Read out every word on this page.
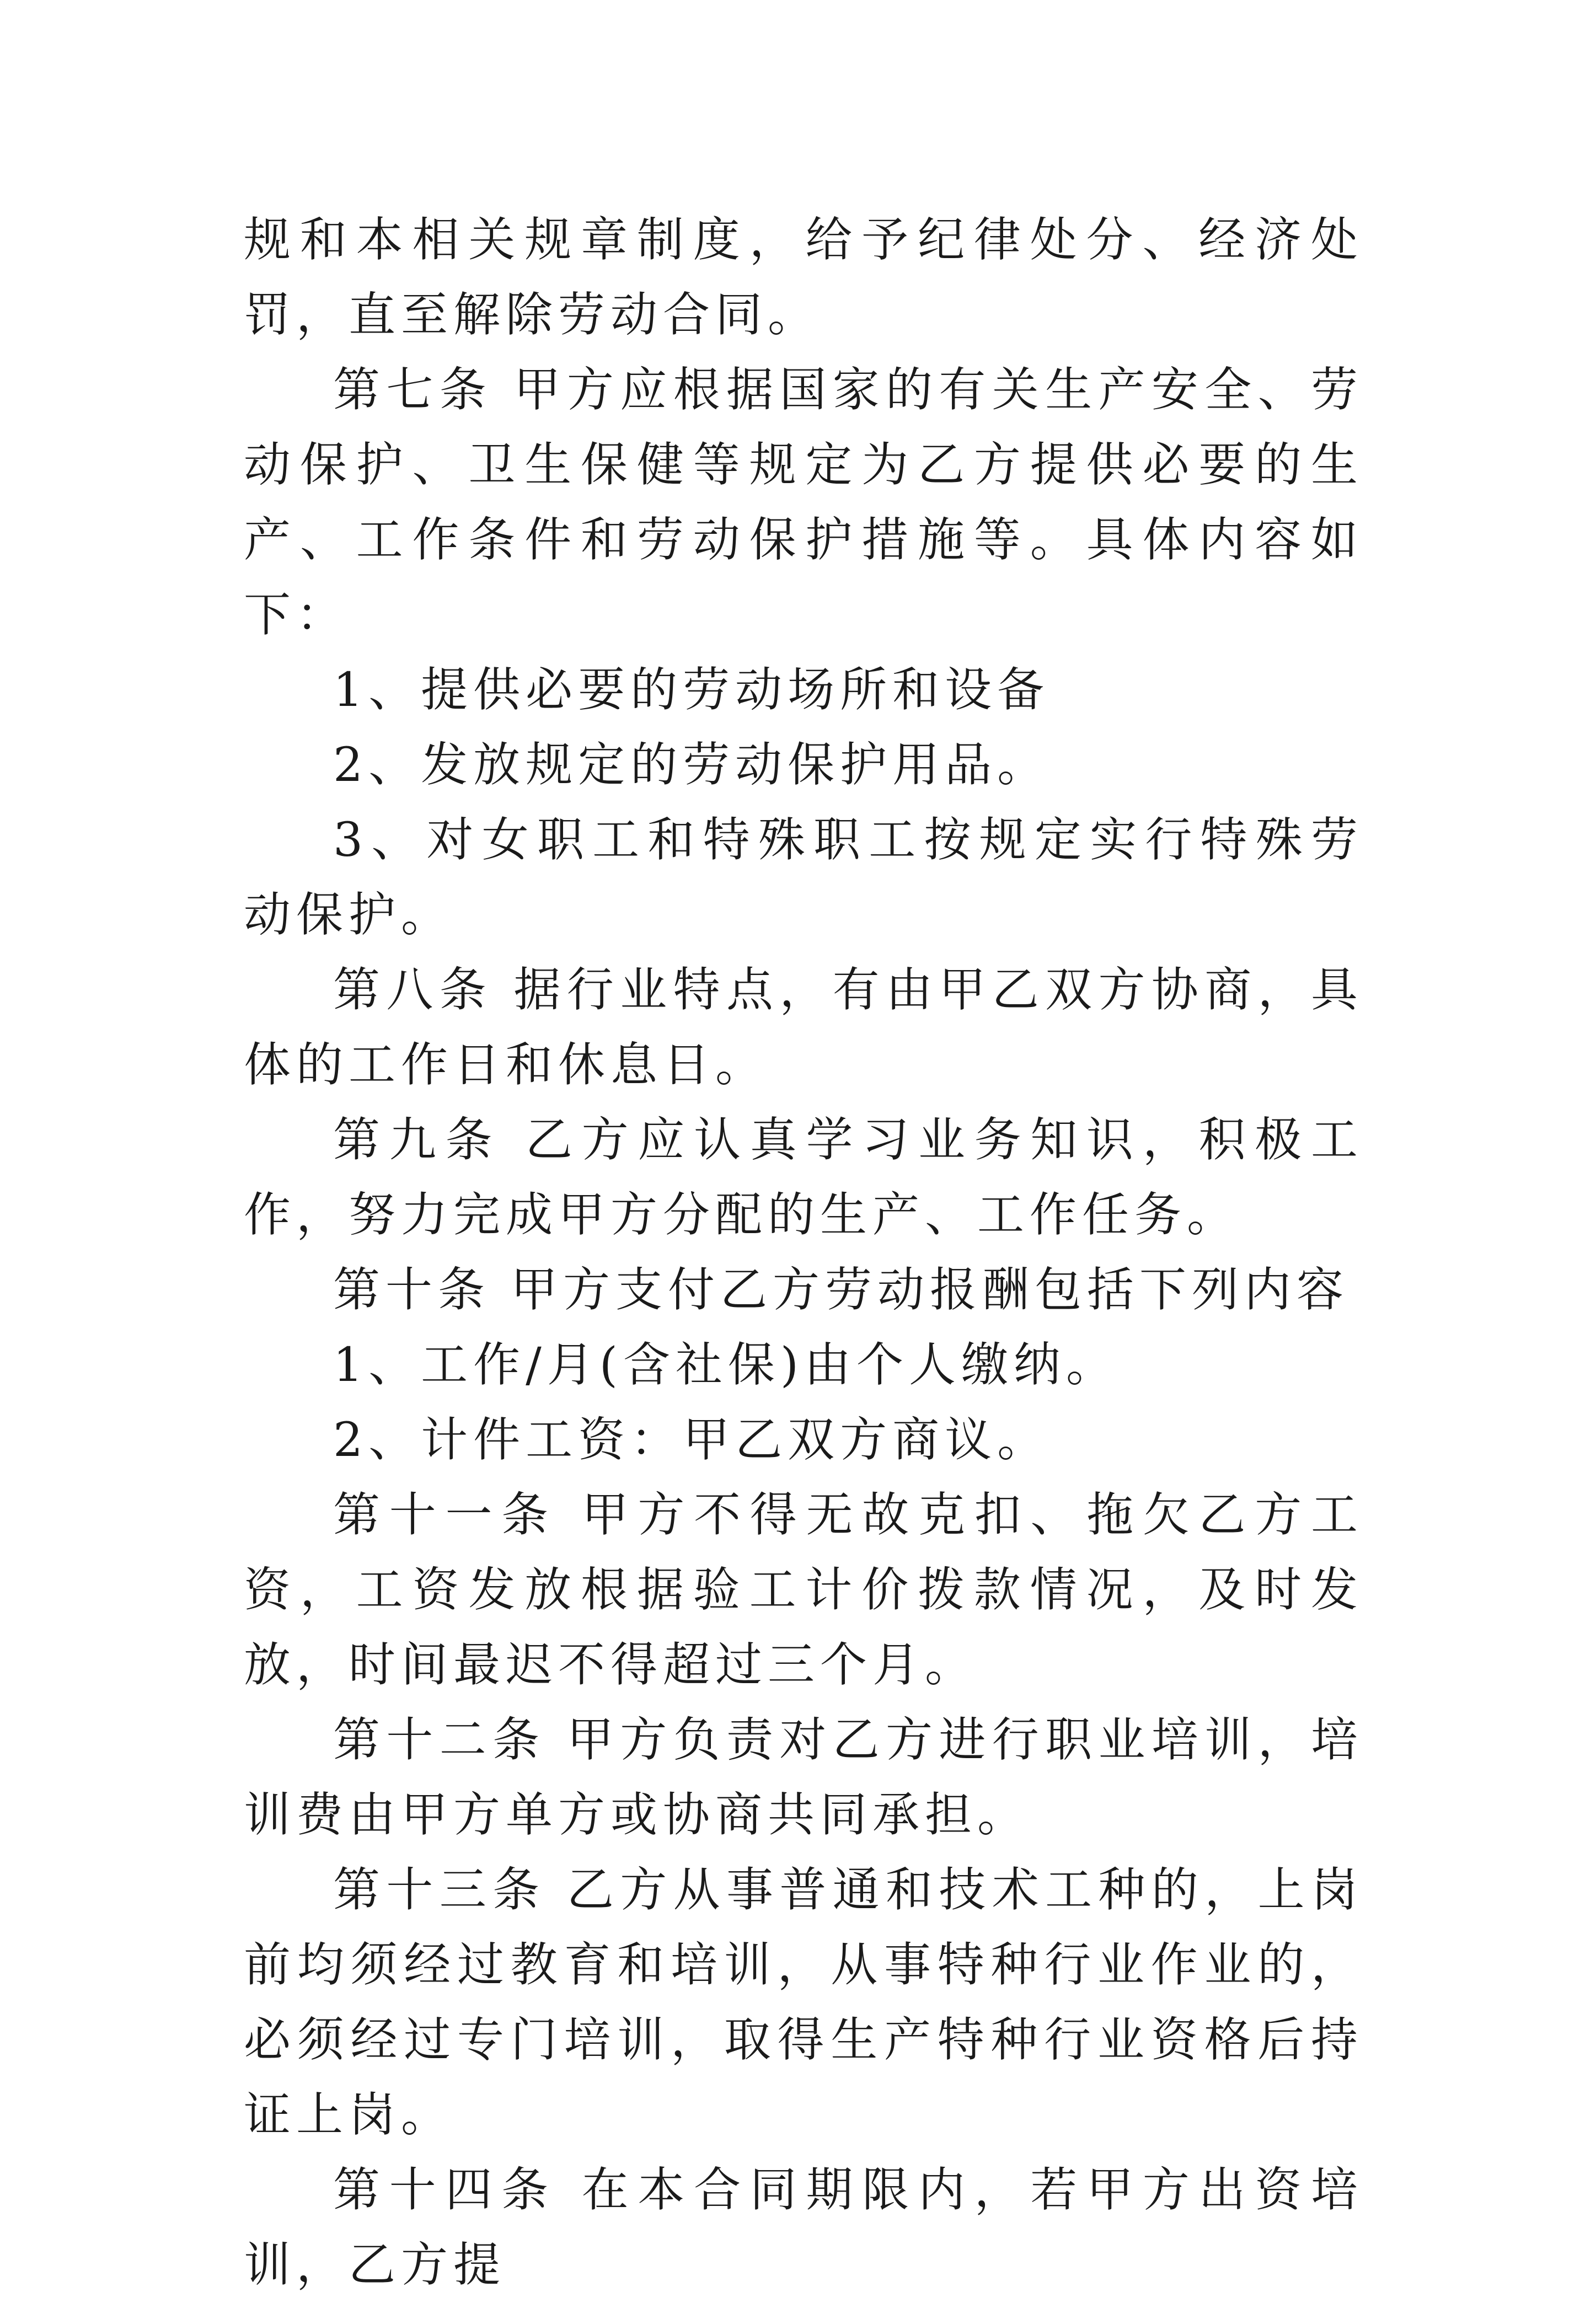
规和本相关规章制度，给予纪律处分、经济处罚，直至解除劳动合同。

第七条 甲方应根据国家的有关生产安全、劳动保护、卫生保健等规定为乙方提供必要的生产、工作条件和劳动保护措施等。具体内容如下：

1、提供必要的劳动场所和设备

2、发放规定的劳动保护用品。

3、对女职工和特殊职工按规定实行特殊劳动保护。

第八条 据行业特点，有由甲乙双方协商，具体的工作日和休息日。

第九条 乙方应认真学习业务知识，积极工作，努力完成甲方分配的生产、工作任务。

第十条 甲方支付乙方劳动报酬包括下列内容

1、工作/月(含社保)由个人缴纳。

2、计件工资：甲乙双方商议。

第十一条 甲方不得无故克扣、拖欠乙方工资，工资发放根据验工计价拨款情况，及时发放，时间最迟不得超过三个月。

第十二条 甲方负责对乙方进行职业培训，培训费由甲方单方或协商共同承担。

第十三条 乙方从事普通和技术工种的，上岗前均须经过教育和培训，从事特种行业作业的，必须经过专门培训，取得生产特种行业资格后持证上岗。

第十四条 在本合同期限内，若甲方出资培训，乙方提
